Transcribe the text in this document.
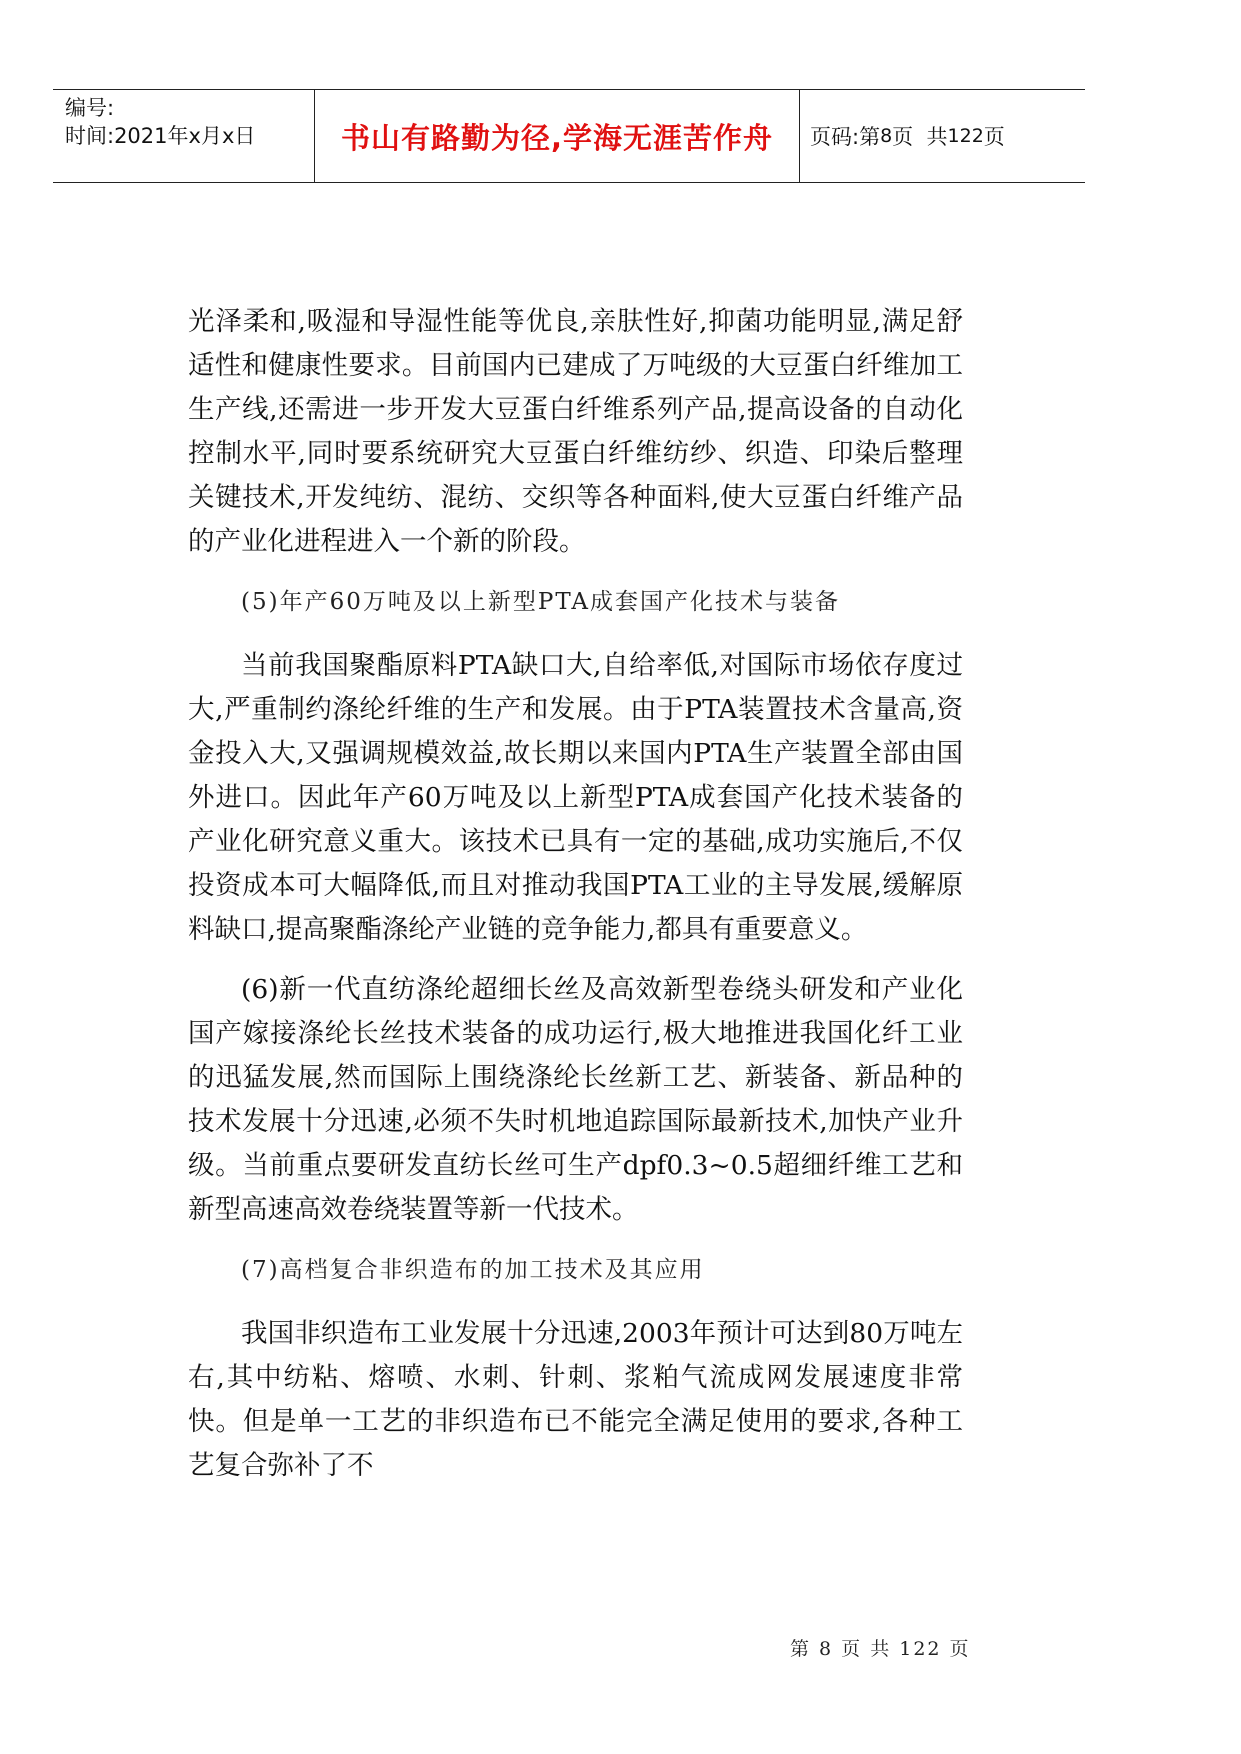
编号:
时间:2021年x月x日	书山有路勤为径,学海无涯苦作舟	页码:第 8 页  共 122 页

光泽柔和,吸湿和导湿性能等优良,亲肤性好,抑菌功能明显,满足舒适性和健康性要求。目前国内已建成了万吨级的大豆蛋白纤维加工生产线,还需进一步开发大豆蛋白纤维系列产品,提高设备的自动化控制水平,同时要系统研究大豆蛋白纤维纺纱、织造、印染后整理关键技术,开发纯纺、混纺、交织等各种面料,使大豆蛋白纤维产品的产业化进程进入一个新的阶段。

(5)年产60万吨及以上新型PTA成套国产化技术与装备

当前我国聚酯原料PTA缺口大,自给率低,对国际市场依存度过大,严重制约涤纶纤维的生产和发展。由于PTA装置技术含量高,资金投入大,又强调规模效益,故长期以来国内PTA生产装置全部由国外进口。因此年产60万吨及以上新型PTA成套国产化技术装备的产业化研究意义重大。该技术已具有一定的基础,成功实施后,不仅投资成本可大幅降低,而且对推动我国PTA工业的主导发展,缓解原料缺口,提高聚酯涤纶产业链的竞争能力,都具有重要意义。

(6)新一代直纺涤纶超细长丝及高效新型卷绕头研发和产业化国产嫁接涤纶长丝技术装备的成功运行,极大地推进我国化纤工业的迅猛发展,然而国际上围绕涤纶长丝新工艺、新装备、新品种的技术发展十分迅速,必须不失时机地追踪国际最新技术,加快产业升级。当前重点要研发直纺长丝可生产dpf0.3~0.5超细纤维工艺和新型高速高效卷绕装置等新一代技术。

(7)高档复合非织造布的加工技术及其应用

我国非织造布工业发展十分迅速,2003年预计可达到80万吨左右,其中纺粘、熔喷、水刺、针刺、浆粕气流成网发展速度非常快。但是单一工艺的非织造布已不能完全满足使用的要求,各种工艺复合弥补了不

第 8 页 共 122 页
